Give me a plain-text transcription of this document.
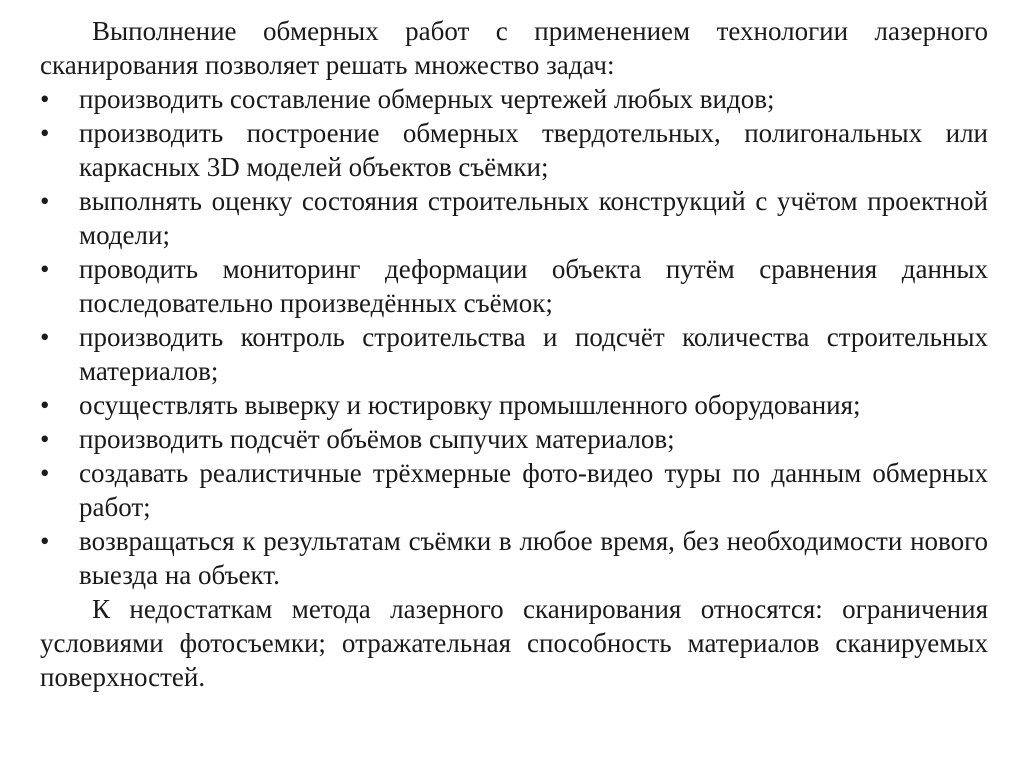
Выполнение обмерных работ с применением технологии лазерного сканирования позволяет решать множество задач:

•	производить составление обмерных чертежей любых видов;
•	производить построение обмерных твердотельных, полигональных или каркасных 3D моделей объектов съёмки;
•	выполнять оценку состояния строительных конструкций с учётом проектной модели;
•	проводить мониторинг деформации объекта путём сравнения данных последовательно произведённых съёмок;
•	производить контроль строительства и подсчёт количества строительных материалов;
•	осуществлять выверку и юстировку промышленного оборудования;
•	производить подсчёт объёмов сыпучих материалов;
•	создавать реалистичные трёхмерные фото-видео туры по данным обмерных работ;
•	возвращаться к результатам съёмки в любое время, без необходимости нового выезда на объект.

К недостаткам метода лазерного сканирования относятся: ограничения условиями фотосъемки; отражательная способность материалов сканируемых поверхностей.
